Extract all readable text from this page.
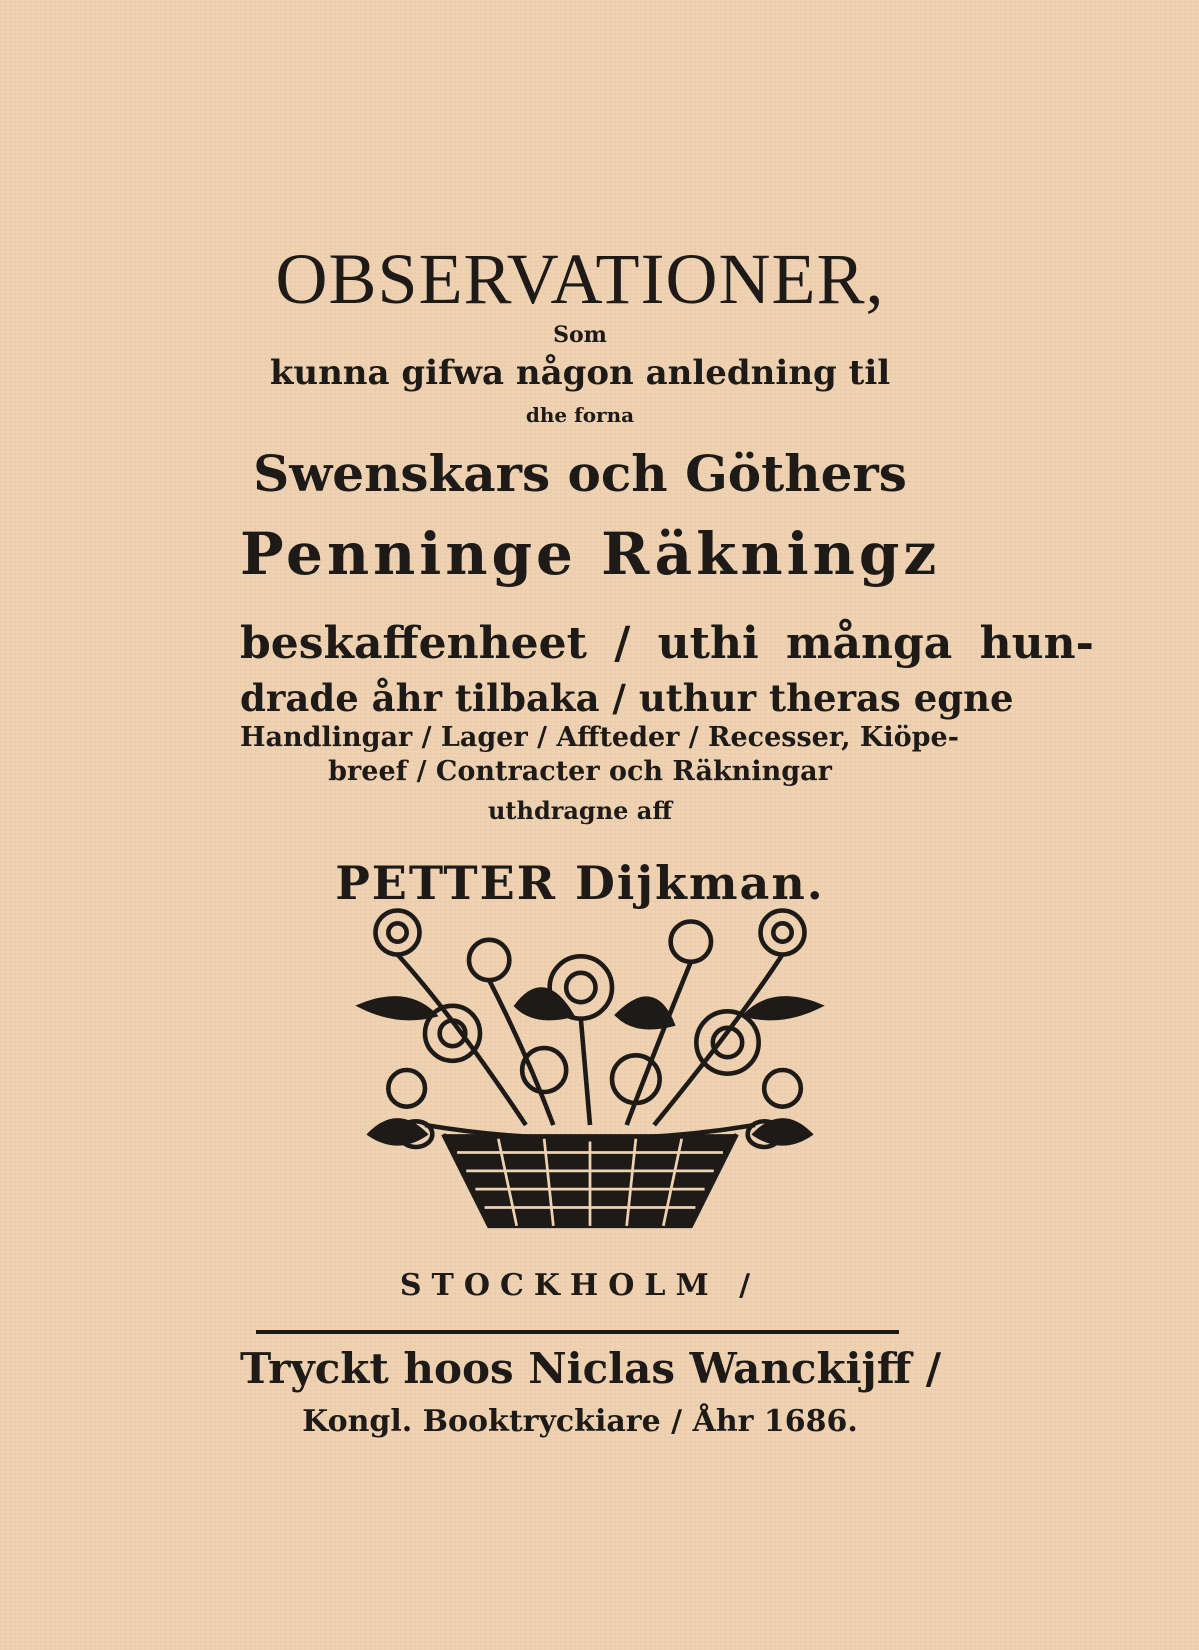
OBSERVATIONER,
Som
kunna gifwa någon anledning til
dhe forna
Swenskars och Göthers
Penninge Räkningz
beskaffenheet / uthi många hun-
drade åhr tilbaka / uthur theras egne
Handlingar / Lager / Affteder / Recesser, Kiöpe-
breef / Contracter och Räkningar
uthdragne aff
PETTER Dijkman.
STOCKHOLM /
Tryckt hoos Niclas Wanckijff /
Kongl. Booktryckiare / Åhr 1686.
